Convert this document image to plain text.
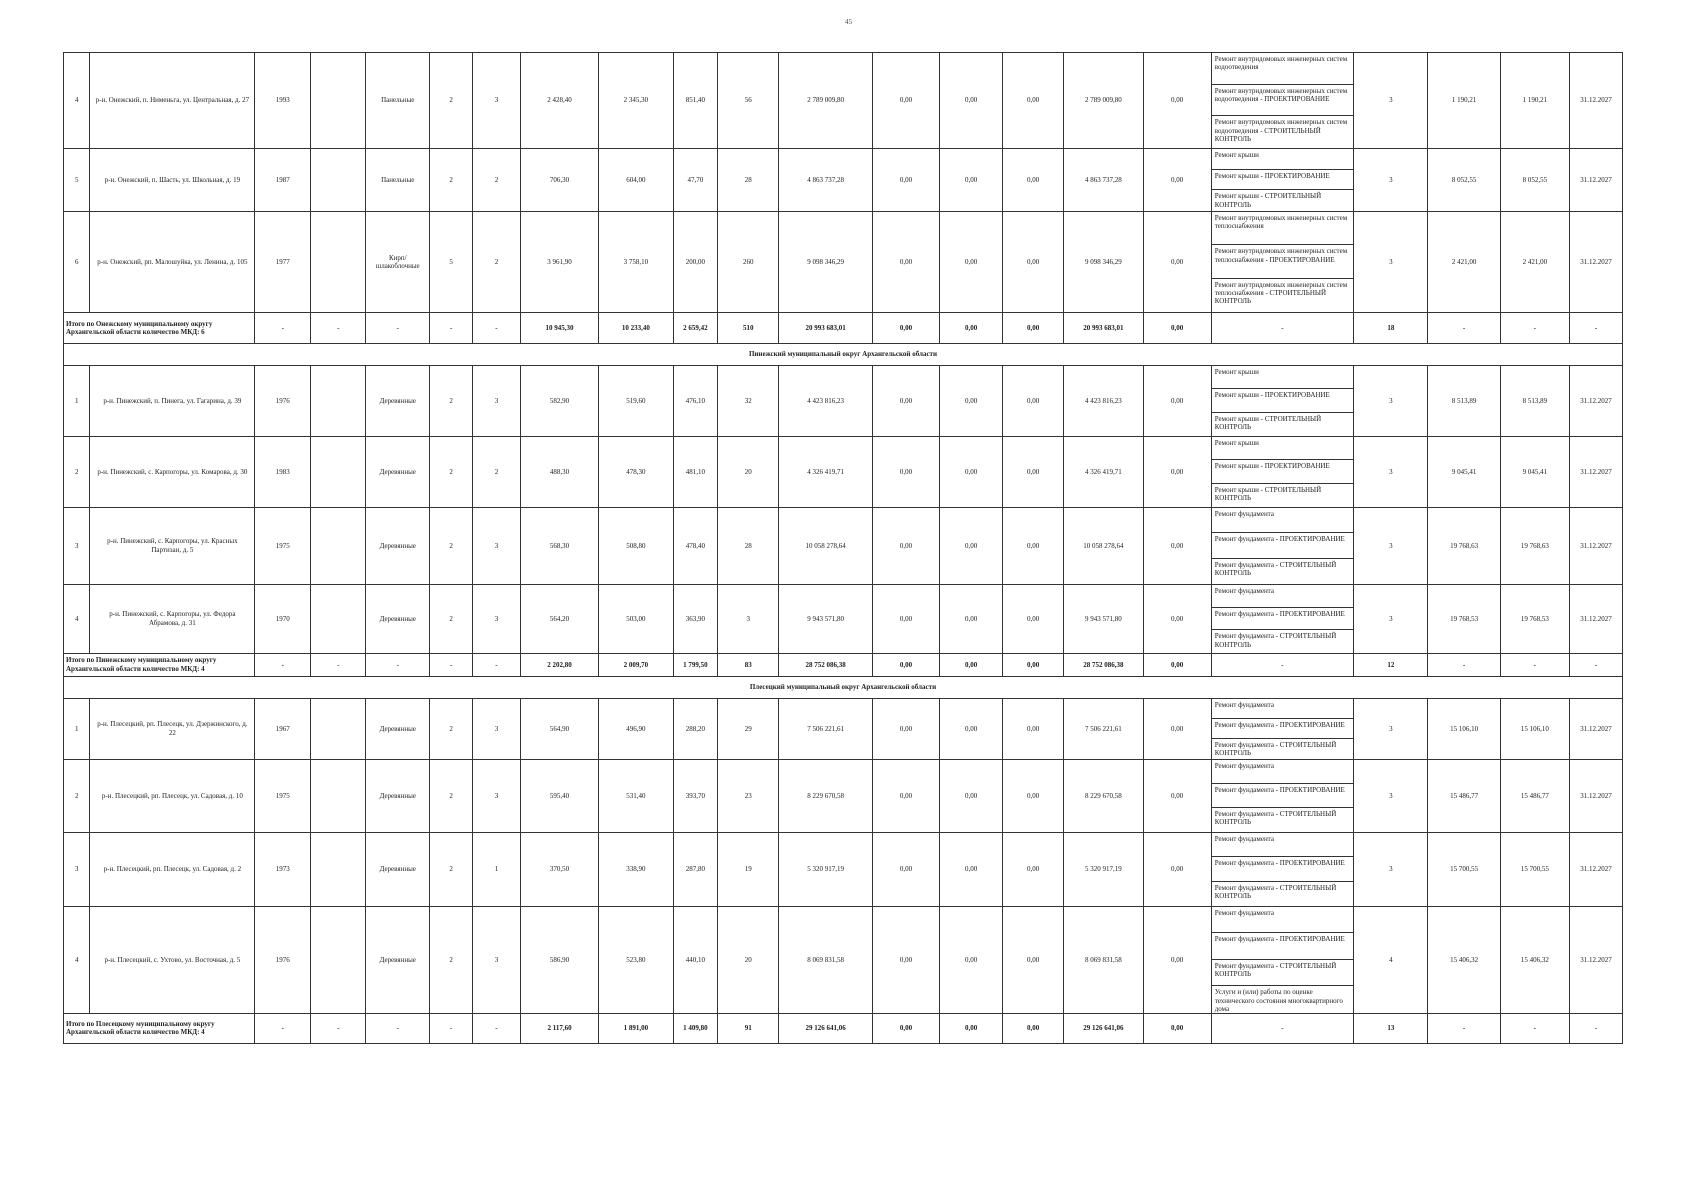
45
4	р-н. Онежский, п. Нименьга, ул. Центральная, д. 27	1993		Панельные	2	3	2 428,40	2 345,30	851,40	56	2 789 009,80	0,00	0,00	0,00	2 789 009,80	0,00	Ремонт внутридомовых инженерных систем водоотведения
Ремонт внутридомовых инженерных систем водоотведения - ПРОЕКТИРОВАНИЕ
Ремонт внутридомовых инженерных систем водоотведения - СТРОИТЕЛЬНЫЙ КОНТРОЛЬ	3	1 190,21	1 190,21	31.12.2027
5	р-н. Онежский, п. Шасть, ул. Школьная, д. 19	1987		Панельные	2	2	706,30	604,00	47,70	28	4 863 737,28	0,00	0,00	0,00	4 863 737,28	0,00	Ремонт крыши
Ремонт крыши - ПРОЕКТИРОВАНИЕ
Ремонт крыши - СТРОИТЕЛЬНЫЙ КОНТРОЛЬ	3	8 052,55	8 052,55	31.12.2027
6	р-н. Онежский, рп. Малошуйка, ул. Ленина, д. 105	1977		Кирп/ шлакоблочные	5	2	3 961,90	3 758,10	200,00	260	9 098 346,29	0,00	0,00	0,00	9 098 346,29	0,00	Ремонт внутридомовых инженерных систем теплоснабжения
Ремонт внутридомовых инженерных систем теплоснабжения - ПРОЕКТИРОВАНИЕ
Ремонт внутридомовых инженерных систем теплоснабжения - СТРОИТЕЛЬНЫЙ КОНТРОЛЬ	3	2 421,00	2 421,00	31.12.2027
Итого по Онежскому муниципальному округу Архангельской области количество МКД: 6		-	-	-	-	-	10 945,30	10 233,40	2 659,42	510	20 993 683,01	0,00	0,00	0,00	20 993 683,01	0,00	-	18	-	-	-
Пинежский муниципальный округ Архангельской области																					
1	р-н. Пинежский, п. Пинега, ул. Гагарина, д. 39	1976		Деревянные	2	3	582,90	519,60	476,10	32	4 423 816,23	0,00	0,00	0,00	4 423 816,23	0,00	Ремонт крыши
Ремонт крыши - ПРОЕКТИРОВАНИЕ
Ремонт крыши - СТРОИТЕЛЬНЫЙ КОНТРОЛЬ	3	8 513,89	8 513,89	31.12.2027
2	р-н. Пинежский, с. Карпогоры, ул. Комарова, д. 30	1983		Деревянные	2	2	488,30	478,30	481,10	20	4 326 419,71	0,00	0,00	0,00	4 326 419,71	0,00	Ремонт крыши
Ремонт крыши - ПРОЕКТИРОВАНИЕ
Ремонт крыши - СТРОИТЕЛЬНЫЙ КОНТРОЛЬ	3	9 045,41	9 045,41	31.12.2027
3	р-н. Пинежский, с. Карпогоры, ул. Красных Партизан, д. 5	1975		Деревянные	2	3	568,30	508,80	478,40	28	10 058 278,64	0,00	0,00	0,00	10 058 278,64	0,00	Ремонт фундамента
Ремонт фундамента - ПРОЕКТИРОВАНИЕ
Ремонт фундамента - СТРОИТЕЛЬНЫЙ КОНТРОЛЬ	3	19 768,63	19 768,63	31.12.2027
4	р-н. Пинежский, с. Карпогоры, ул. Федора Абрамова, д. 31	1970		Деревянные	2	3	564,20	503,00	363,90	3	9 943 571,80	0,00	0,00	0,00	9 943 571,80	0,00	Ремонт фундамента
Ремонт фундамента - ПРОЕКТИРОВАНИЕ
Ремонт фундамента - СТРОИТЕЛЬНЫЙ КОНТРОЛЬ	3	19 768,53	19 768,53	31.12.2027
Итого по Пинежскому муниципальному округу Архангельской области количество МКД: 4		-	-	-	-	-	2 202,80	2 009,70	1 799,50	83	28 752 086,38	0,00	0,00	0,00	28 752 086,38	0,00	-	12	-	-	-
Плесецкий муниципальный округ Архангельской области																					
1	р-н. Плесецкий, рп. Плесецк, ул. Дзержинского, д. 22	1967		Деревянные	2	3	564,90	496,90	288,20	29	7 506 221,61	0,00	0,00	0,00	7 506 221,61	0,00	Ремонт фундамента
Ремонт фундамента - ПРОЕКТИРОВАНИЕ
Ремонт фундамента - СТРОИТЕЛЬНЫЙ КОНТРОЛЬ	3	15 106,10	15 106,10	31.12.2027
2	р-н. Плесецкий, рп. Плесецк, ул. Садовая, д. 10	1975		Деревянные	2	3	595,40	531,40	393,70	23	8 229 670,58	0,00	0,00	0,00	8 229 670,58	0,00	Ремонт фундамента
Ремонт фундамента - ПРОЕКТИРОВАНИЕ
Ремонт фундамента - СТРОИТЕЛЬНЫЙ КОНТРОЛЬ	3	15 486,77	15 486,77	31.12.2027
3	р-н. Плесецкий, рп. Плесецк, ул. Садовая, д. 2	1973		Деревянные	2	1	370,50	338,90	287,80	19	5 320 917,19	0,00	0,00	0,00	5 320 917,19	0,00	Ремонт фундамента
Ремонт фундамента - ПРОЕКТИРОВАНИЕ
Ремонт фундамента - СТРОИТЕЛЬНЫЙ КОНТРОЛЬ	3	15 700,55	15 700,55	31.12.2027
4	р-н. Плесецкий, с. Ухтово, ул. Восточная, д. 5	1976		Деревянные	2	3	586,90	523,80	440,10	20	8 069 831,58	0,00	0,00	0,00	8 069 831,58	0,00	Ремонт фундамента
Ремонт фундамента - ПРОЕКТИРОВАНИЕ
Ремонт фундамента - СТРОИТЕЛЬНЫЙ КОНТРОЛЬ
Услуги и (или) работы по оценке технического состояния многоквартирного дома	4	15 406,32	15 406,32	31.12.2027
Итого по Плесецкому муниципальному округу Архангельской области количество МКД: 4		-	-	-	-	-	2 117,60	1 891,00	1 409,80	91	29 126 641,06	0,00	0,00	0,00	29 126 641,06	0,00	-	13	-	-	-
